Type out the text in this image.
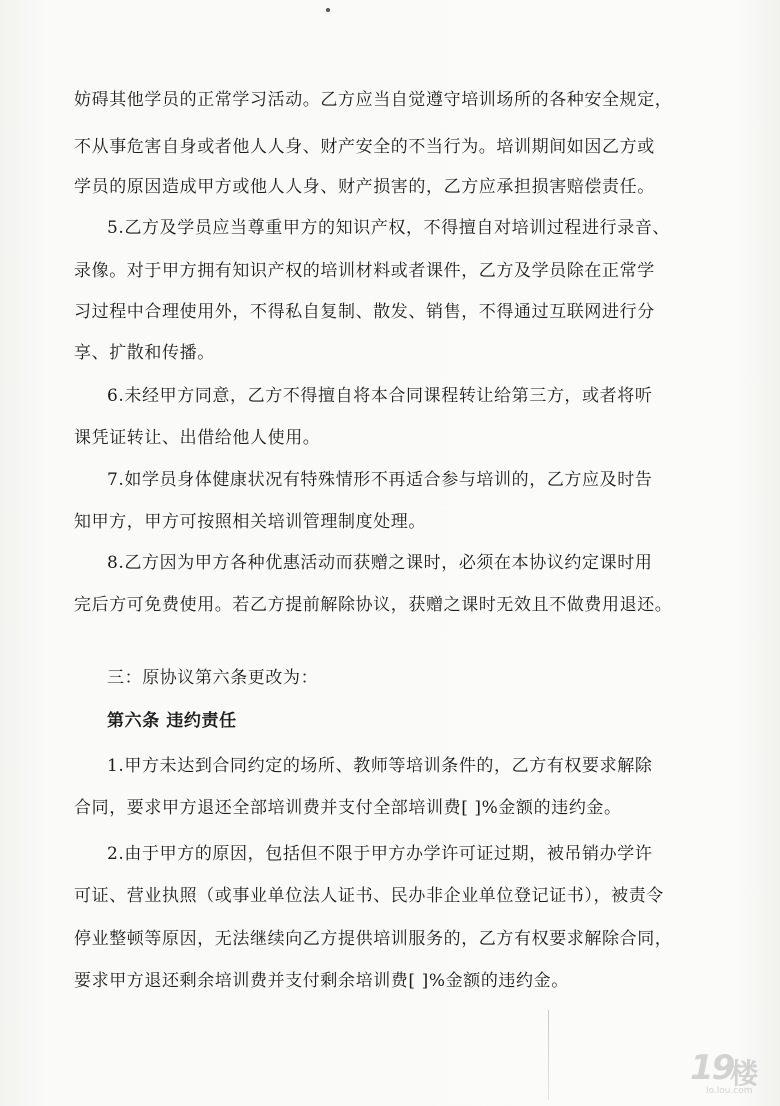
妨碍其他学员的正常学习活动。乙方应当自觉遵守培训场所的各种安全规定，
不从事危害自身或者他人人身、财产安全的不当行为。培训期间如因乙方或
学员的原因造成甲方或他人人身、财产损害的，乙方应承担损害赔偿责任。
5.乙方及学员应当尊重甲方的知识产权，不得擅自对培训过程进行录音、
录像。对于甲方拥有知识产权的培训材料或者课件，乙方及学员除在正常学
习过程中合理使用外，不得私自复制、散发、销售，不得通过互联网进行分
享、扩散和传播。
6.未经甲方同意，乙方不得擅自将本合同课程转让给第三方，或者将听
课凭证转让、出借给他人使用。
7.如学员身体健康状况有特殊情形不再适合参与培训的，乙方应及时告
知甲方，甲方可按照相关培训管理制度处理。
8.乙方因为甲方各种优惠活动而获赠之课时，必须在本协议约定课时用
完后方可免费使用。若乙方提前解除协议，获赠之课时无效且不做费用退还。
三：原协议第六条更改为：
第六条 违约责任
1.甲方未达到合同约定的场所、教师等培训条件的，乙方有权要求解除
合同，要求甲方退还全部培训费并支付全部培训费[ ]%金额的违约金。
2.由于甲方的原因，包括但不限于甲方办学许可证过期，被吊销办学许
可证、营业执照（或事业单位法人证书、民办非企业单位登记证书），被责令
停业整顿等原因，无法继续向乙方提供培训服务的，乙方有权要求解除合同，
要求甲方退还剩余培训费并支付剩余培训费[ ]%金额的违约金。
19
楼
lo.lou.com
